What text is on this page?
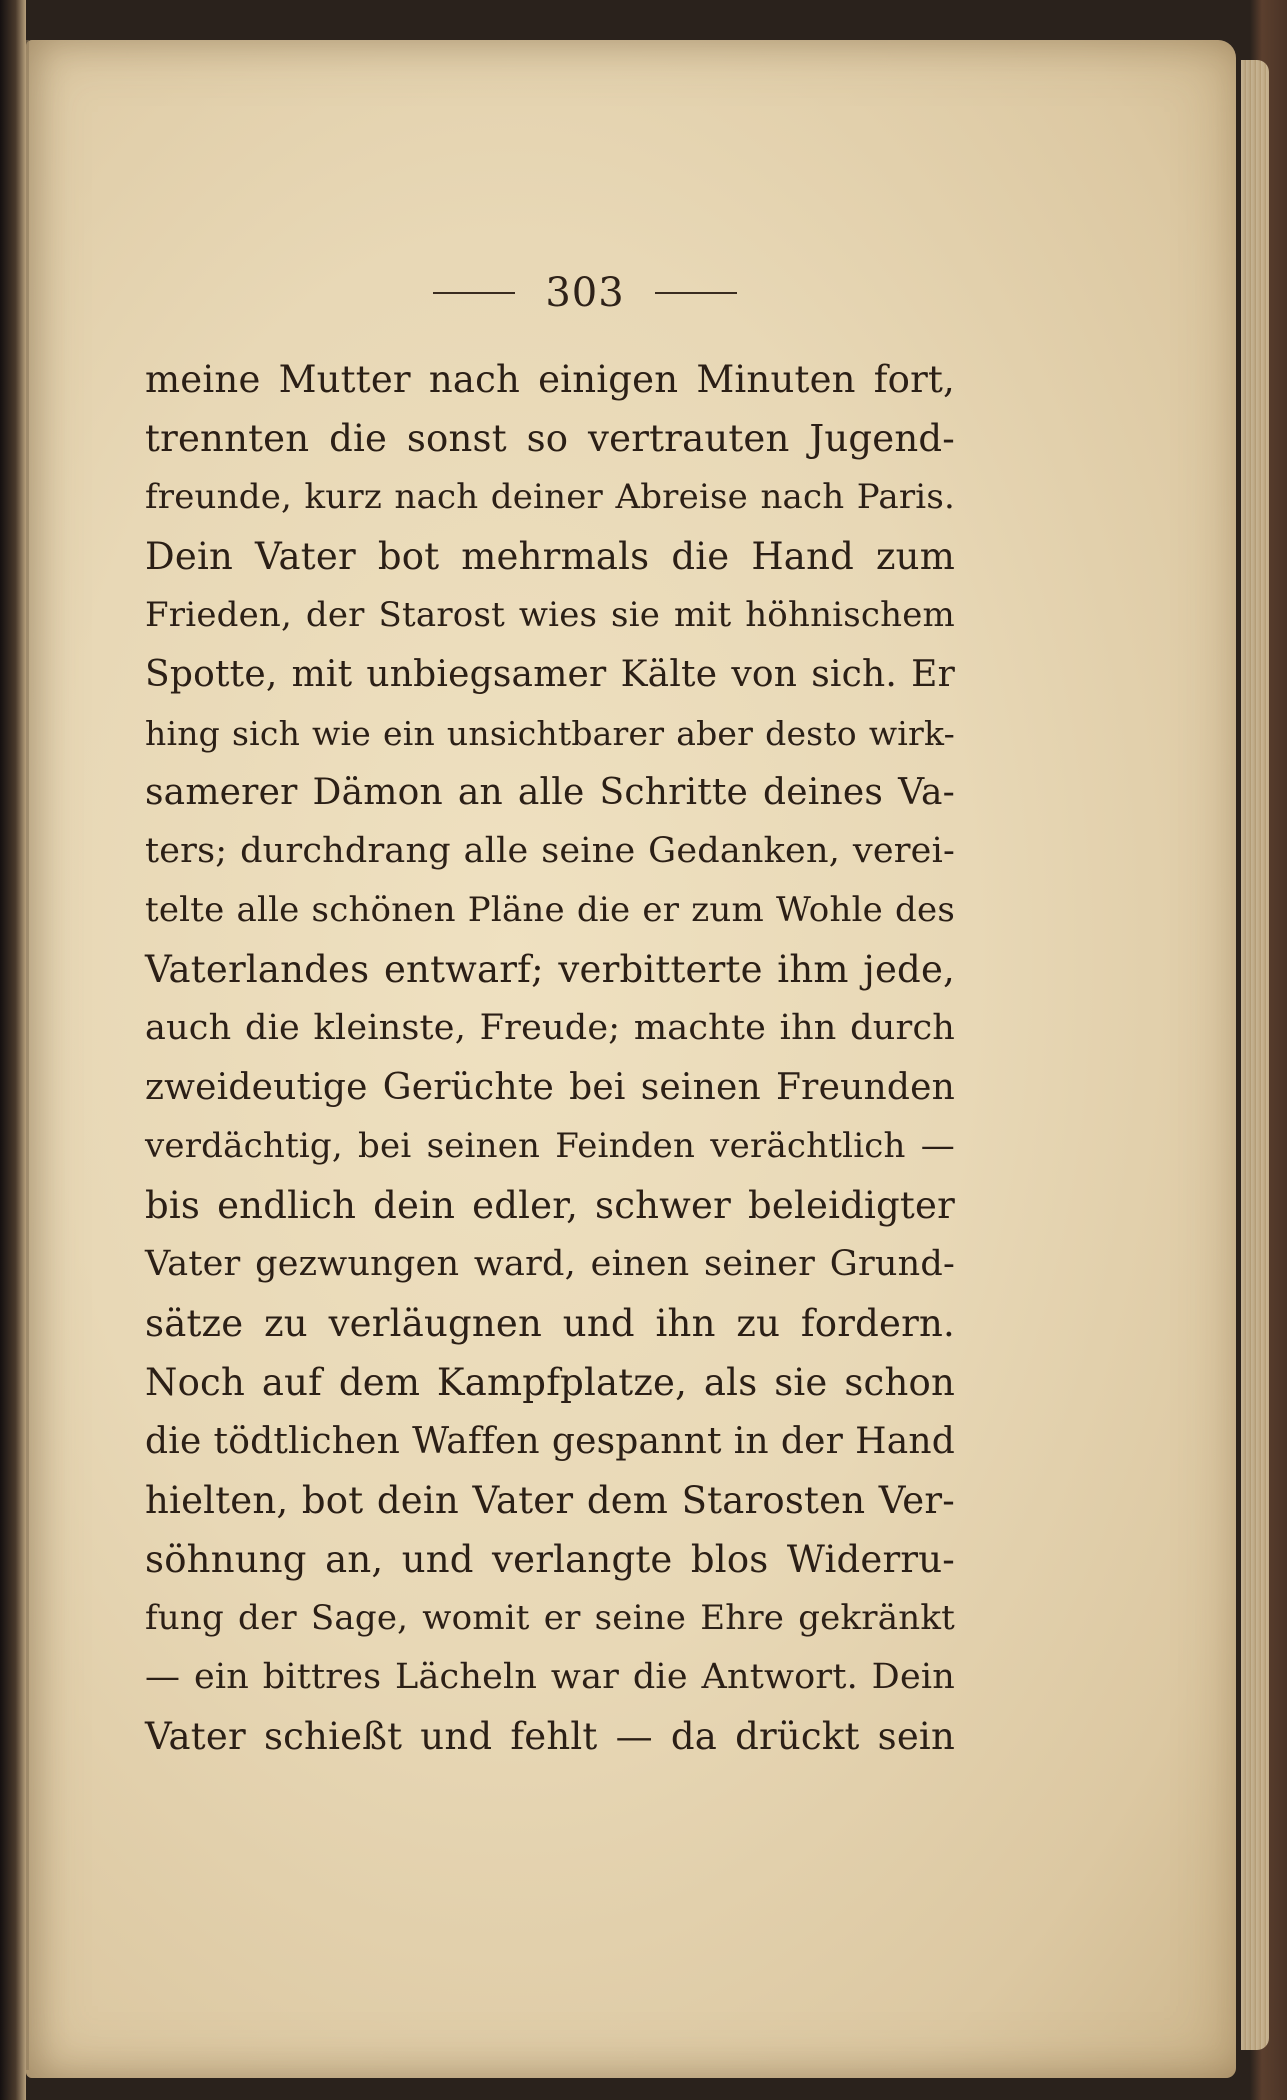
303
meine Mutter nach einigen Minuten fort,
trennten die sonst so vertrauten Jugend-
freunde, kurz nach deiner Abreise nach Paris.
Dein Vater bot mehrmals die Hand zum
Frieden, der Starost wies sie mit höhnischem
Spotte, mit unbiegsamer Kälte von sich. Er
hing sich wie ein unsichtbarer aber desto wirk-
samerer Dämon an alle Schritte deines Va-
ters; durchdrang alle seine Gedanken, verei-
telte alle schönen Pläne die er zum Wohle des
Vaterlandes entwarf; verbitterte ihm jede,
auch die kleinste, Freude; machte ihn durch
zweideutige Gerüchte bei seinen Freunden
verdächtig, bei seinen Feinden verächtlich —
bis endlich dein edler, schwer beleidigter
Vater gezwungen ward, einen seiner Grund-
sätze zu verläugnen und ihn zu fordern.
Noch auf dem Kampfplatze, als sie schon
die tödtlichen Waffen gespannt in der Hand
hielten, bot dein Vater dem Starosten Ver-
söhnung an, und verlangte blos Widerru-
fung der Sage, womit er seine Ehre gekränkt
— ein bittres Lächeln war die Antwort. Dein
Vater schießt und fehlt — da drückt sein
